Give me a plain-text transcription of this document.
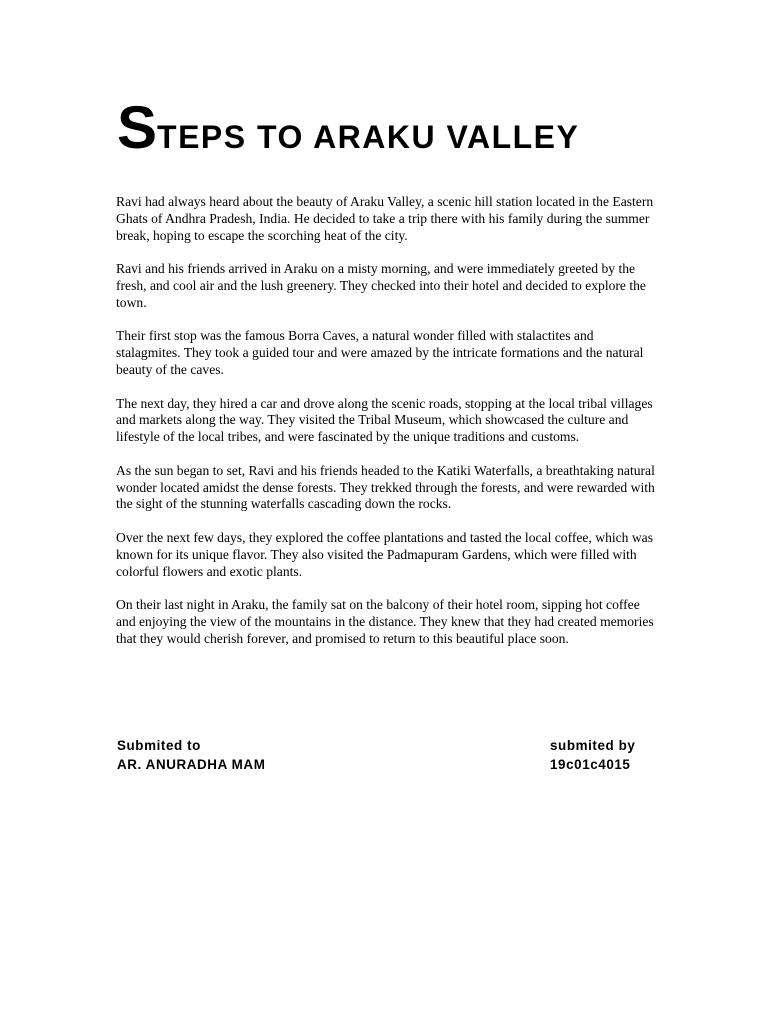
STEPS TO ARAKU VALLEY

Ravi had always heard about the beauty of Araku Valley, a scenic hill station located in the Eastern Ghats of Andhra Pradesh, India. He decided to take a trip there with his family during the summer break, hoping to escape the scorching heat of the city.

Ravi and his friends arrived in Araku on a misty morning, and were immediately greeted by the fresh, and cool air and the lush greenery. They checked into their hotel and decided to explore the town.

Their first stop was the famous Borra Caves, a natural wonder filled with stalactites and stalagmites. They took a guided tour and were amazed by the intricate formations and the natural beauty of the caves.

The next day, they hired a car and drove along the scenic roads, stopping at the local tribal villages and markets along the way. They visited the Tribal Museum, which showcased the culture and lifestyle of the local tribes, and were fascinated by the unique traditions and customs.

As the sun began to set, Ravi and his friends headed to the Katiki Waterfalls, a breathtaking natural wonder located amidst the dense forests. They trekked through the forests, and were rewarded with the sight of the stunning waterfalls cascading down the rocks.

Over the next few days, they explored the coffee plantations and tasted the local coffee, which was known for its unique flavor. They also visited the Padmapuram Gardens, which were filled with colorful flowers and exotic plants.

On their last night in Araku, the family sat on the balcony of their hotel room, sipping hot coffee and enjoying the view of the mountains in the distance. They knew that they had created memories that they would cherish forever, and promised to return to this beautiful place soon.

Submited to
AR. ANURADHA MAM
submited by
19c01c4015
